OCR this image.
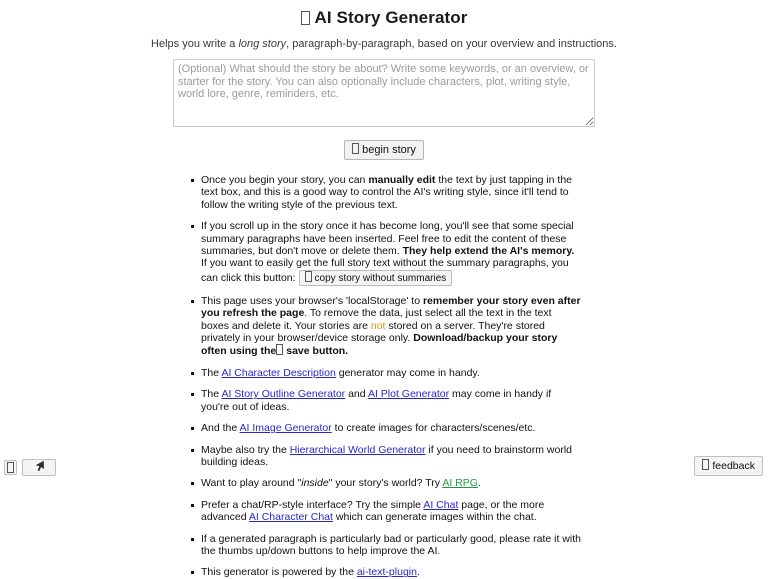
AI Story Generator

Helps you write a long story, paragraph-by-paragraph, based on your overview and instructions.

(Optional) What should the story be about? Write some keywords, or an overview, or starter for the story. You can also optionally include characters, plot, writing style, world lore, genre, reminders, etc.
begin story
Once you begin your story, you can manually edit the text by just tapping in the text box, and this is a good way to control the AI's writing style, since it'll tend to follow the writing style of the previous text.
If you scroll up in the story once it has become long, you'll see that some special summary paragraphs have been inserted. Feel free to edit the content of these summaries, but don't move or delete them. They help extend the AI's memory. If you want to easily get the full story text without the summary paragraphs, you can click this button: copy story without summaries
This page uses your browser's 'localStorage' to remember your story even after you refresh the page. To remove the data, just select all the text in the text boxes and delete it. Your stories are not stored on a server. They're stored privately in your browser/device storage only. Download/backup your story often using the save button.
The AI Character Description generator may come in handy.
The AI Story Outline Generator and AI Plot Generator may come in handy if you're out of ideas.
And the AI Image Generator to create images for characters/scenes/etc.
Maybe also try the Hierarchical World Generator if you need to brainstorm world building ideas.
Want to play around "inside" your story's world? Try AI RPG.
Prefer a chat/RP-style interface? Try the simple AI Chat page, or the more advanced AI Character Chat which can generate images within the chat.
If a generated paragraph is particularly bad or particularly good, please rate it with the thumbs up/down buttons to help improve the AI.
This generator is powered by the ai-text-plugin.
feedback
